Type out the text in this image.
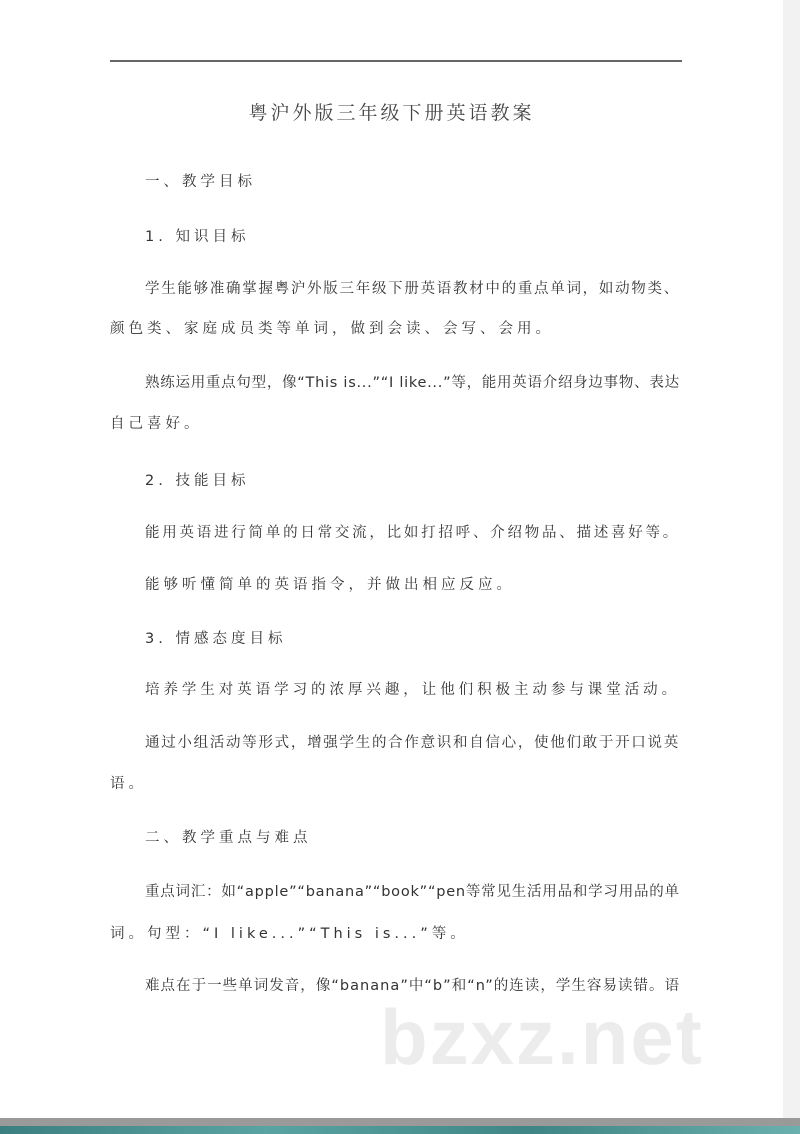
粤沪外版三年级下册英语教案
一、教学目标
1. 知识目标
学生能够准确掌握粤沪外版三年级下册英语教材中的重点单词，如动物类、
颜色类、家庭成员类等单词，做到会读、会写、会用。
熟练运用重点句型，像“This is...”“I like...”等，能用英语介绍身边事物、表达
自己喜好。
2. 技能目标
能用英语进行简单的日常交流，比如打招呼、介绍物品、描述喜好等。
能够听懂简单的英语指令，并做出相应反应。
3. 情感态度目标
培养学生对英语学习的浓厚兴趣，让他们积极主动参与课堂活动。
通过小组活动等形式，增强学生的合作意识和自信心，使他们敢于开口说英
语。
二、教学重点与难点
重点词汇：如“apple”“banana”“book”“pen等常见生活用品和学习用品的单
词。句型：“I like...”“This is...”等。
难点在于一些单词发音，像“banana”中“b”和“n”的连读，学生容易读错。语
bzxz.net
